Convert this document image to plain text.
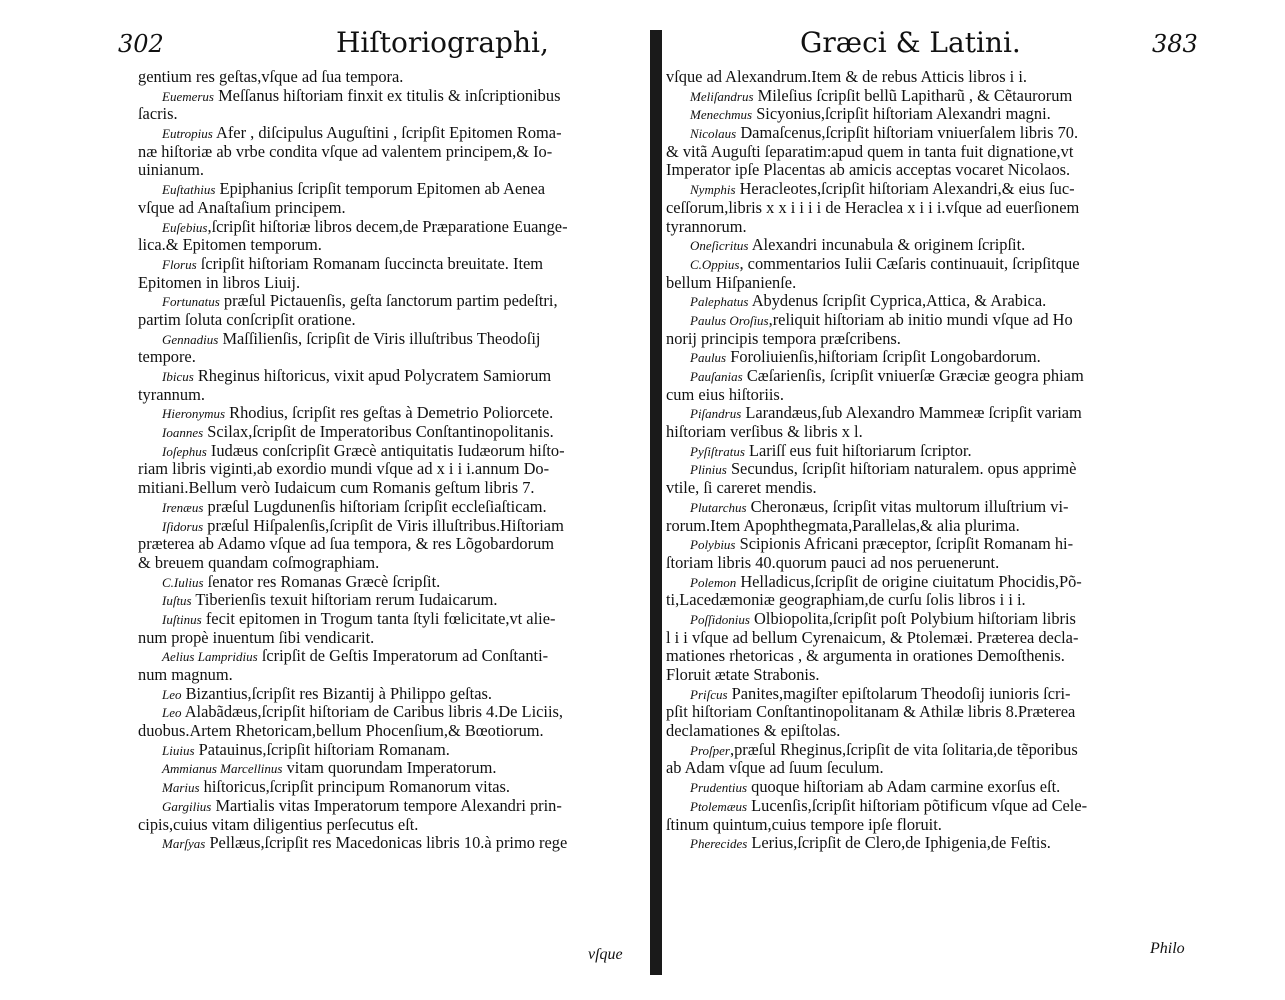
302	Hiſtoriographi,
gentium res geſtas,vſque ad ſua tempora.
Euemerus Meſſanus hiſtoriam finxit ex titulis & inſcriptionibus
ſacris.
Eutropius Afer , diſcipulus Auguſtini , ſcripſit Epitomen Roma-
næ hiſtoriæ ab vrbe condita vſque ad valentem principem,& Io-
uinianum.
Euſtathius Epiphanius ſcripſit temporum Epitomen ab Aenea
vſque ad Anaſtaſium principem.
Euſebius,ſcripſit hiſtoriæ libros decem,de Præparatione Euange-
lica.& Epitomen temporum.
Florus ſcripſit hiſtoriam Romanam ſuccincta breuitate. Item
Epitomen in libros Liuij.
Fortunatus præſul Pictauenſis, geſta ſanctorum partim pedeſtri,
partim ſoluta conſcripſit oratione.
Gennadius Maſſilienſis, ſcripſit de Viris illuſtribus Theodoſij
tempore.
Ibicus Rheginus hiſtoricus, vixit apud Polycratem Samiorum
tyrannum.
Hieronymus Rhodius, ſcripſit res geſtas à Demetrio Poliorcete.
Ioannes Scilax,ſcripſit de Imperatoribus Conſtantinopolitanis.
Ioſephus Iudæus conſcripſit Græcè antiquitatis Iudæorum hiſto-
riam libris viginti,ab exordio mundi vſque ad x i i i.annum Do-
mitiani.Bellum verò Iudaicum cum Romanis geſtum libris 7.
Irenæus præſul Lugdunenſis hiſtoriam ſcripſit eccleſiaſticam.
Iſidorus præſul Hiſpalenſis,ſcripſit de Viris illuſtribus.Hiſtoriam
præterea ab Adamo vſque ad ſua tempora, & res Lõgobardorum
& breuem quandam coſmographiam.
C.Iulius ſenator res Romanas Græcè ſcripſit.
Iuſtus Tiberienſis texuit hiſtoriam rerum Iudaicarum.
Iuſtinus fecit epitomen in Trogum tanta ſtyli fœlicitate,vt alie-
num propè inuentum ſibi vendicarit.
Aelius Lampridius ſcripſit de Geſtis Imperatorum ad Conſtanti-
num magnum.
Leo Bizantius,ſcripſit res Bizantij à Philippo geſtas.
Leo Alabãdæus,ſcripſit hiſtoriam de Caribus libris 4.De Liciis,
duobus.Artem Rhetoricam,bellum Phocenſium,& Bœotiorum.
Liuius Patauinus,ſcripſit hiſtoriam Romanam.
Ammianus Marcellinus vitam quorundam Imperatorum.
Marius hiſtoricus,ſcripſit principum Romanorum vitas.
Gargilius Martialis vitas Imperatorum tempore Alexandri prin-
cipis,cuius vitam diligentius perſecutus eſt.
Marſyas Pellæus,ſcripſit res Macedonicas libris 10.à primo rege
vſque
Græci & Latini.	383
vſque ad Alexandrum.Item & de rebus Atticis libros i i.
Meliſandrus Mileſius ſcripſit bellũ Lapitharũ , & Cẽtaurorum
Menechmus Sicyonius,ſcripſit hiſtoriam Alexandri magni.
Nicolaus Damaſcenus,ſcripſit hiſtoriam vniuerſalem libris 70.
& vitã Auguſti ſeparatim:apud quem in tanta fuit dignatione,vt
Imperator ipſe Placentas ab amicis acceptas vocaret Nicolaos.
Nymphis Heracleotes,ſcripſit hiſtoriam Alexandri,& eius ſuc-
ceſſorum,libris x x i i i i de Heraclea x i i i.vſque ad euerſionem
tyrannorum.
Oneſicritus Alexandri incunabula & originem ſcripſit.
C.Oppius, commentarios Iulii Cæſaris continuauit, ſcripſitque
bellum Hiſpanienſe.
Palephatus Abydenus ſcripſit Cyprica,Attica, & Arabica.
Paulus Oroſius,reliquit hiſtoriam ab initio mundi vſque ad Ho
norij principis tempora præſcribens.
Paulus Foroliuienſis,hiſtoriam ſcripſit Longobardorum.
Pauſanias Cæſarienſis, ſcripſit vniuerſæ Græciæ geogra phiam
cum eius hiſtoriis.
Piſandrus Larandæus,ſub Alexandro Mammeæ ſcripſit variam
hiſtoriam verſibus & libris x l.
Pyſiſtratus Lariſſ eus fuit hiſtoriarum ſcriptor.
Plinius Secundus, ſcripſit hiſtoriam naturalem. opus apprimè
vtile, ſi careret mendis.
Plutarchus Cheronæus, ſcripſit vitas multorum illuſtrium vi-
rorum.Item Apophthegmata,Parallelas,& alia plurima.
Polybius Scipionis Africani præceptor, ſcripſit Romanam hi-
ſtoriam libris 40.quorum pauci ad nos peruenerunt.
Polemon Helladicus,ſcripſit de origine ciuitatum Phocidis,Põ-
ti,Lacedæmoniæ geographiam,de curſu ſolis libros i i i.
Poſſidonius Olbiopolita,ſcripſit poſt Polybium hiſtoriam libris
l i i vſque ad bellum Cyrenaicum, & Ptolemæi. Præterea decla-
mationes rhetoricas , & argumenta in orationes Demoſthenis.
Floruit ætate Strabonis.
Priſcus Panites,magiſter epiſtolarum Theodoſij iunioris ſcri-
pſit hiſtoriam Conſtantinopolitanam & Athilæ libris 8.Præterea
declamationes & epiſtolas.
Proſper,præſul Rheginus,ſcripſit de vita ſolitaria,de tẽporibus
ab Adam vſque ad ſuum ſeculum.
Prudentius quoque hiſtoriam ab Adam carmine exorſus eſt.
Ptolemæus Lucenſis,ſcripſit hiſtoriam põtificum vſque ad Cele-
ſtinum quintum,cuius tempore ipſe floruit.
Pherecides Lerius,ſcripſit de Clero,de Iphigenia,de Feſtis.
Philo
